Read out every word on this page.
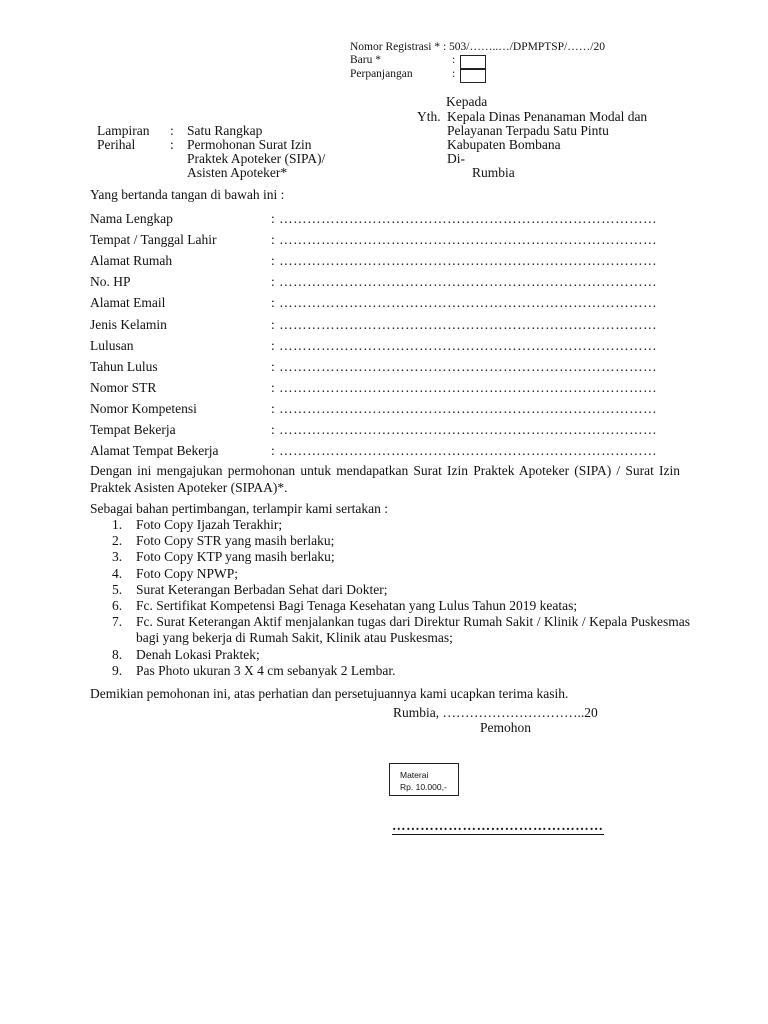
Nomor Registrasi * : 503/……..…/DPMPTSP/……/20
Baru *	:
Perpanjangan	:
Kepada
Yth. Kepala Dinas Penanaman Modal dan
Pelayanan Terpadu Satu Pintu
Kabupaten Bombana
Di-
Rumbia
Lampiran : Satu Rangkap
Perihal	: Permohonan Surat Izin
Praktek Apoteker (SIPA)/
Asisten Apoteker*
Yang bertanda tangan di bawah ini :
Nama Lengkap	: ………………………………………………………………………
Tempat / Tanggal Lahir	: ………………………………………………………………………
Alamat Rumah	: ………………………………………………………………………
No. HP	: ………………………………………………………………………
Alamat Email	: ………………………………………………………………………
Jenis Kelamin	: ………………………………………………………………………
Lulusan	: ………………………………………………………………………
Tahun Lulus	: ………………………………………………………………………
Nomor STR	: ………………………………………………………………………
Nomor Kompetensi	: ………………………………………………………………………
Tempat Bekerja	: ………………………………………………………………………
Alamat Tempat Bekerja	: ………………………………………………………………………
Dengan ini mengajukan permohonan untuk mendapatkan Surat Izin Praktek Apoteker (SIPA) / Surat Izin Praktek Asisten Apoteker (SIPAA)*.
Sebagai bahan pertimbangan, terlampir kami sertakan :
1. Foto Copy Ijazah Terakhir;
2. Foto Copy STR yang masih berlaku;
3. Foto Copy KTP yang masih berlaku;
4. Foto Copy NPWP;
5. Surat Keterangan Berbadan Sehat dari Dokter;
6. Fc. Sertifikat Kompetensi Bagi Tenaga Kesehatan yang Lulus Tahun 2019 keatas;
7. Fc. Surat Keterangan Aktif menjalankan tugas dari Direktur Rumah Sakit / Klinik / Kepala Puskesmas bagi yang bekerja di Rumah Sakit, Klinik atau Puskesmas;
8. Denah Lokasi Praktek;
9. Pas Photo ukuran 3 X 4 cm sebanyak 2 Lembar.
Demikian pemohonan ini, atas perhatian dan persetujuannya kami ucapkan terima kasih.
Rumbia, …………………………..20
Pemohon
Materai
Rp. 10.000,-
………………………………………
